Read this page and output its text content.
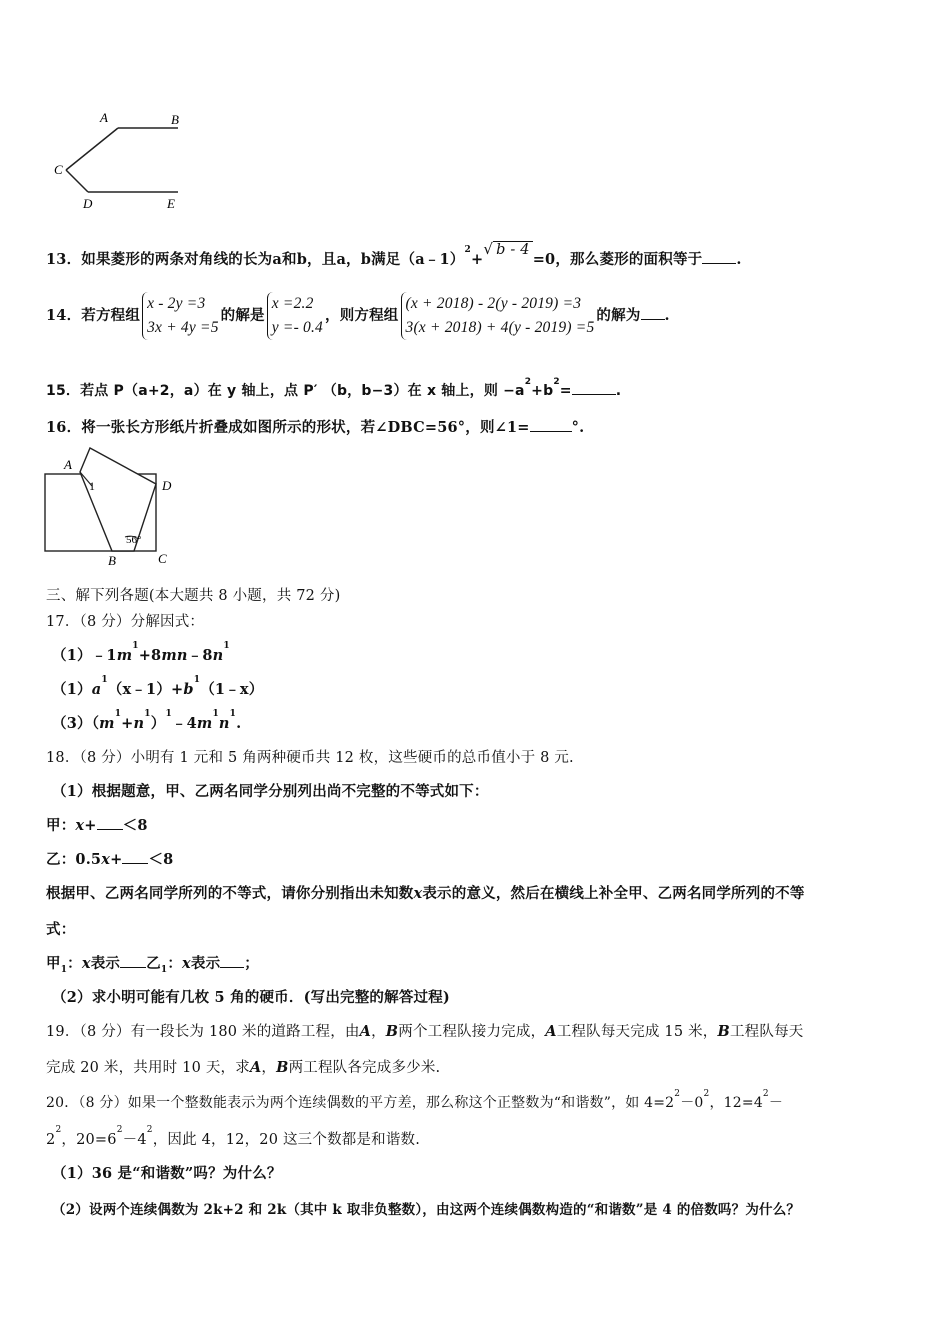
A	B
C
D	E
13．如果菱形的两条对角线的长为a和b，且a，b满足（a﹣1）$^2$+√ b - 4=0，那么菱形的面积等于 .
14．若方程组x - 2y =3
3x + 4y =5的解是x =2.2
y =- 0.4，则方程组(x + 2018) - 2(y - 2019) =3
3(x + 2018) + 4(y - 2019) =5的解为 .
15．若点 P（a+2，a）在 y 轴上，点 P′ （b，b−3）在 x 轴上，则 $-a^2+b^2=$	.
16．将一张长方形纸片折叠成如图所示的形状，若∠DBC=56°，则∠1=	°.
A
1	D
B	C
56°
三、解下列各题(本大题共 8 小题，共 72 分)
17．（8 分）分解因式：
$(1)﹣1m^1+8mn﹣8n^1$
$(1)a^1(x﹣1)+b^1(1﹣x)$
$(3)(m^1+n^1)^1﹣4m^1n^1$.
18．（8 分）小明有 1 元和 5 角两种硬币共 12 枚，这些硬币的总币值小于 8 元.
（1）根据题意，甲、乙两名同学分别列出尚不完整的不等式如下：
甲：x+ ＜8
乙：0.5x+ ＜8
根据甲、乙两名同学所列的不等式，请你分别指出未知数x表示的意义，然后在横线上补全甲、乙两名同学所列的不等
式：
甲$_1$：x表示 乙$_1$：x表示 ；
（2）求小明可能有几枚 5 角的硬币．(写出完整的解答过程)
19．（8 分）有一段长为 180 米的道路工程，由A，B两个工程队接力完成，A工程队每天完成 15 米，B工程队每天
完成 20 米，共用时 10 天，求A，B两工程队各完成多少米.
20．（8 分）如果一个整数能表示为两个连续偶数的平方差，那么称这个正整数为“和谐数”，如 $4=2^2-0^2$，$12=4^2-$
$2^2$，$20=6^2-4^2$，因此 4，12，20 这三个数都是和谐数.
（1）36 是“和谐数”吗？为什么？
（2）设两个连续偶数为 2k+2 和 2k（其中 k 取非负整数），由这两个连续偶数构造的“和谐数”是 4 的倍数吗？为什么？
